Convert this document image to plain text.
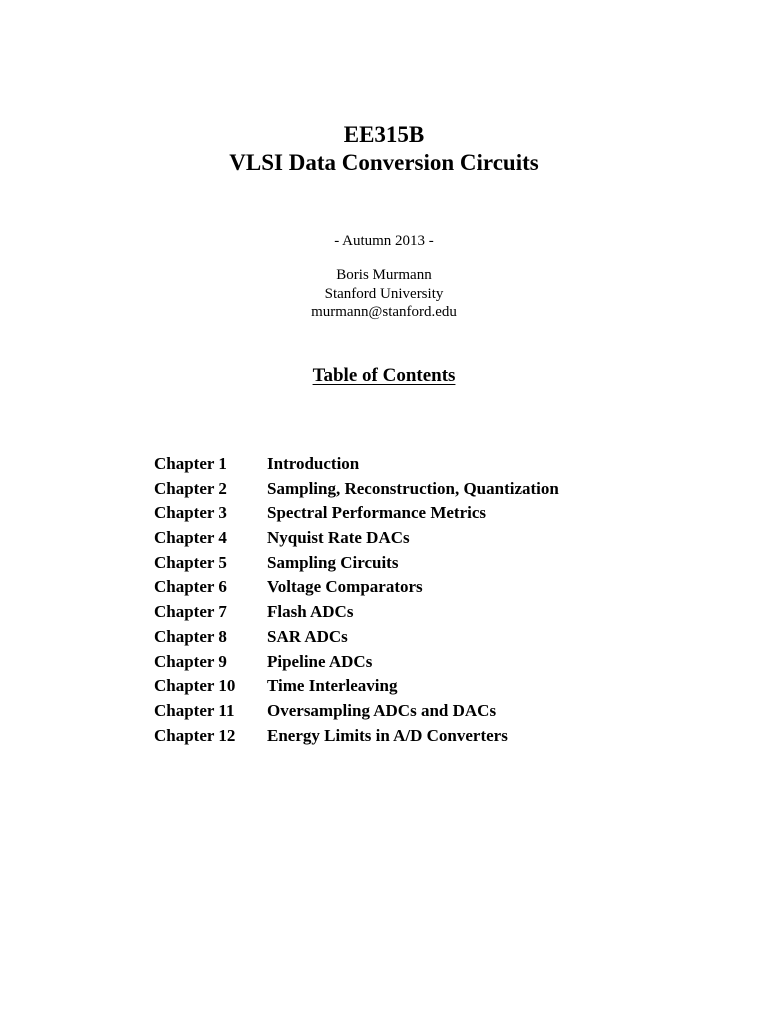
EE315B
VLSI Data Conversion Circuits
- Autumn 2013 -
Boris Murmann
Stanford University
murmann@stanford.edu
Table of Contents
Chapter 1 Introduction
Chapter 2 Sampling, Reconstruction, Quantization
Chapter 3 Spectral Performance Metrics
Chapter 4 Nyquist Rate DACs
Chapter 5 Sampling Circuits
Chapter 6 Voltage Comparators
Chapter 7 Flash ADCs
Chapter 8 SAR ADCs
Chapter 9 Pipeline ADCs
Chapter 10 Time Interleaving
Chapter 11 Oversampling ADCs and DACs
Chapter 12 Energy Limits in A/D Converters
